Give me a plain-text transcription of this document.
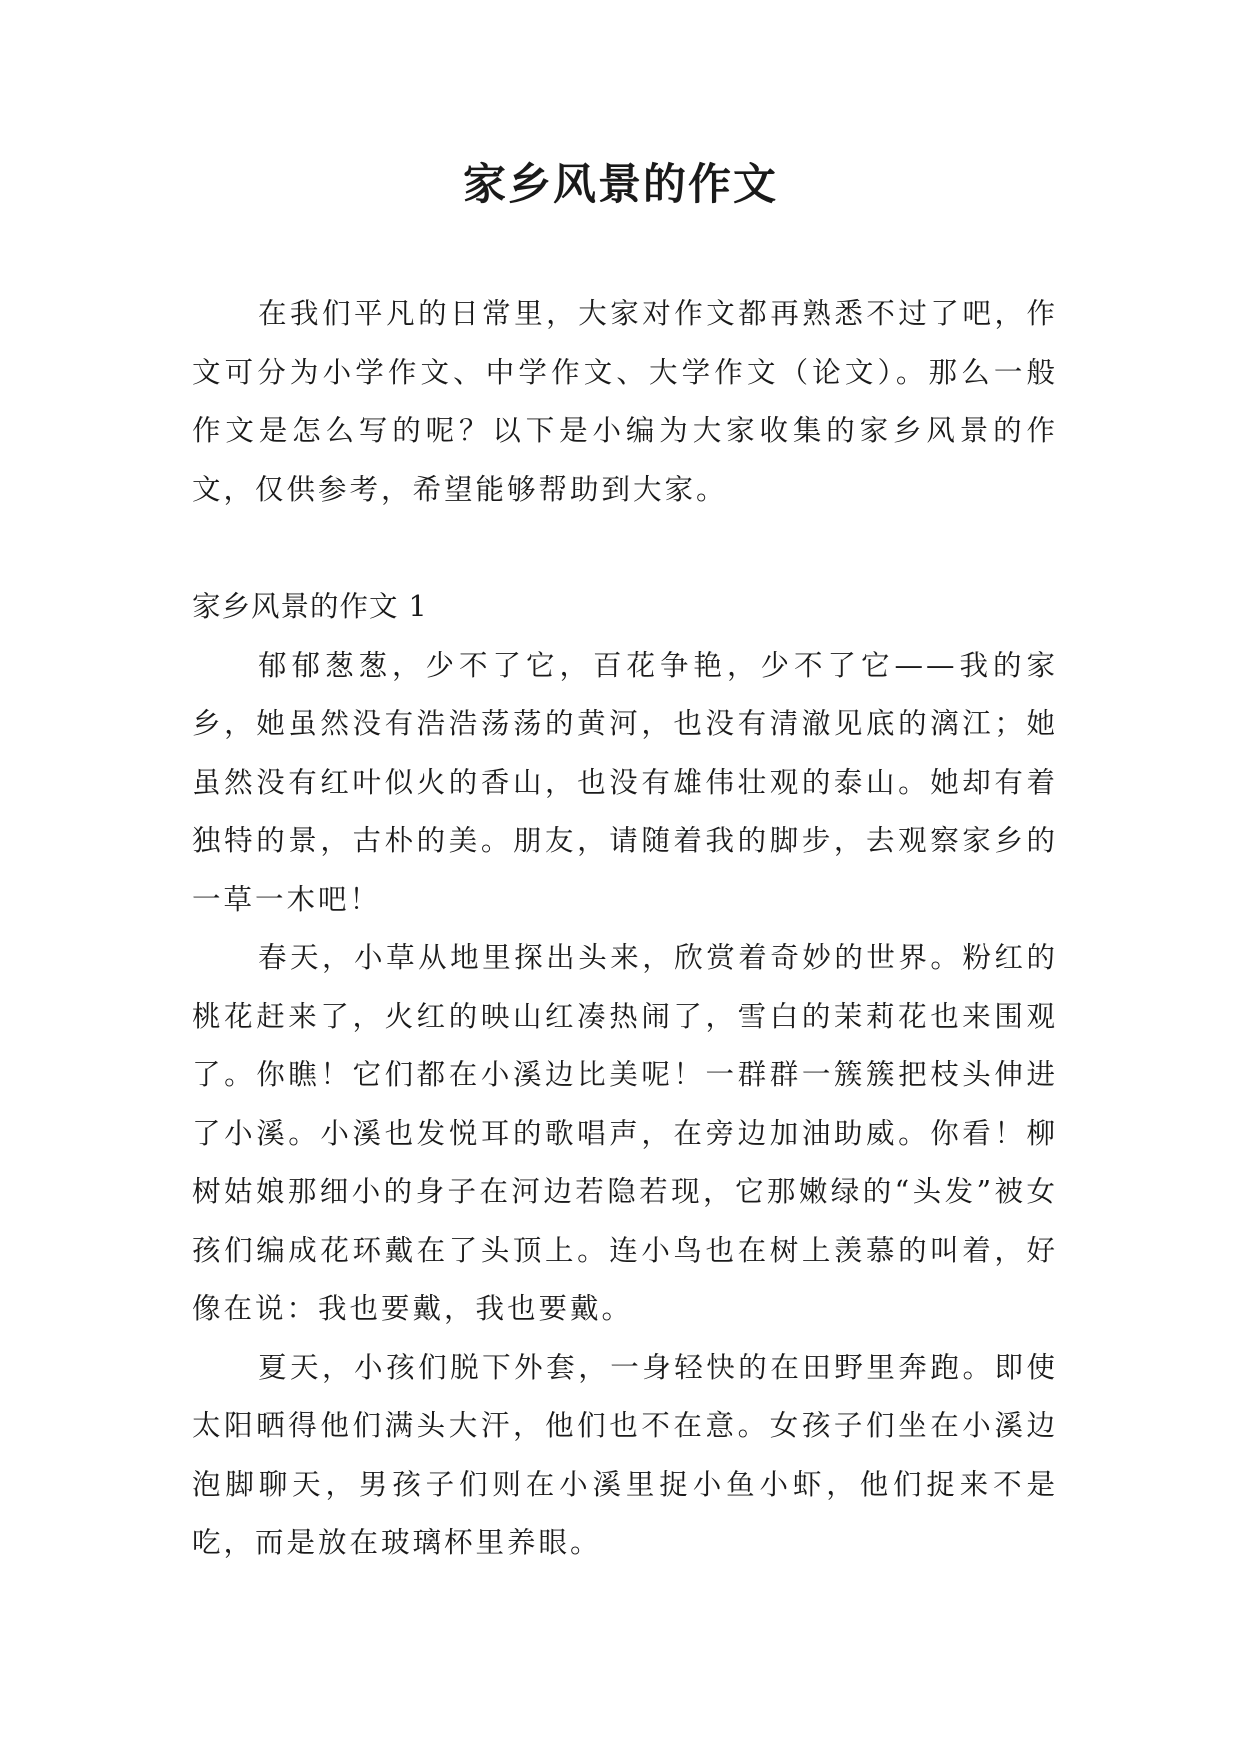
家乡风景的作文

在我们平凡的日常里，大家对作文都再熟悉不过了吧，作文可分为小学作文、中学作文、大学作文（论文）。那么一般作文是怎么写的呢？以下是小编为大家收集的家乡风景的作文，仅供参考，希望能够帮助到大家。

家乡风景的作文 1

郁郁葱葱，少不了它，百花争艳，少不了它——我的家乡，她虽然没有浩浩荡荡的黄河，也没有清澈见底的漓江；她虽然没有红叶似火的香山，也没有雄伟壮观的泰山。她却有着独特的景，古朴的美。朋友，请随着我的脚步，去观察家乡的一草一木吧！

春天，小草从地里探出头来，欣赏着奇妙的世界。粉红的桃花赶来了，火红的映山红凑热闹了，雪白的茉莉花也来围观了。你瞧！它们都在小溪边比美呢！一群群一簇簇把枝头伸进了小溪。小溪也发悦耳的歌唱声，在旁边加油助威。你看！柳树姑娘那细小的身子在河边若隐若现，它那嫩绿的“头发”被女孩们编成花环戴在了头顶上。连小鸟也在树上羡慕的叫着，好像在说：我也要戴，我也要戴。

夏天，小孩们脱下外套，一身轻快的在田野里奔跑。即使太阳晒得他们满头大汗，他们也不在意。女孩子们坐在小溪边泡脚聊天，男孩子们则在小溪里捉小鱼小虾，他们捉来不是吃，而是放在玻璃杯里养眼。
